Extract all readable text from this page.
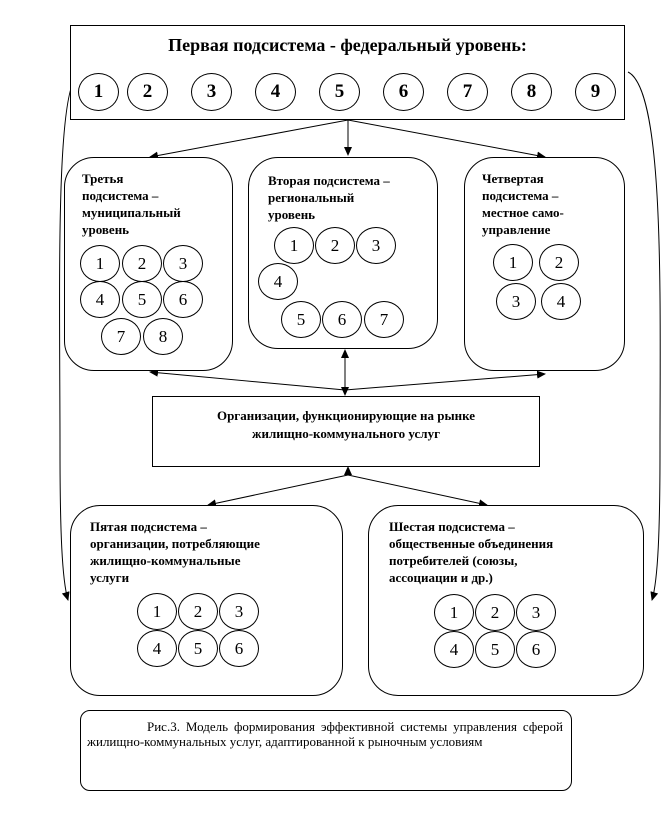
Первая подсистема - федеральный уровень:
1	2	3	4	5	6	7	8	9
Третья
подсистема –
муниципальный
уровень
1	2	3
4	5	6
7	8
Вторая подсистема –
региональный
уровень
1	2	3
4
5	6	7
Четвертая
подсистема –
местное само-
управление
1	2
3	4
Организации, функционирующие на рынке
жилищно-коммунального услуг
Пятая подсистема –
организации, потребляющие
жилищно-коммунальные
услуги
1	2	3
4	5	6
Шестая подсистема –
общественные объединения
потребителей (союзы,
ассоциации и др.)
1	2	3
4	5	6
Рис.3. Модель формирования эффективной системы управления сферой жилищно-коммунальных услуг, адаптированной к рыночным условиям
